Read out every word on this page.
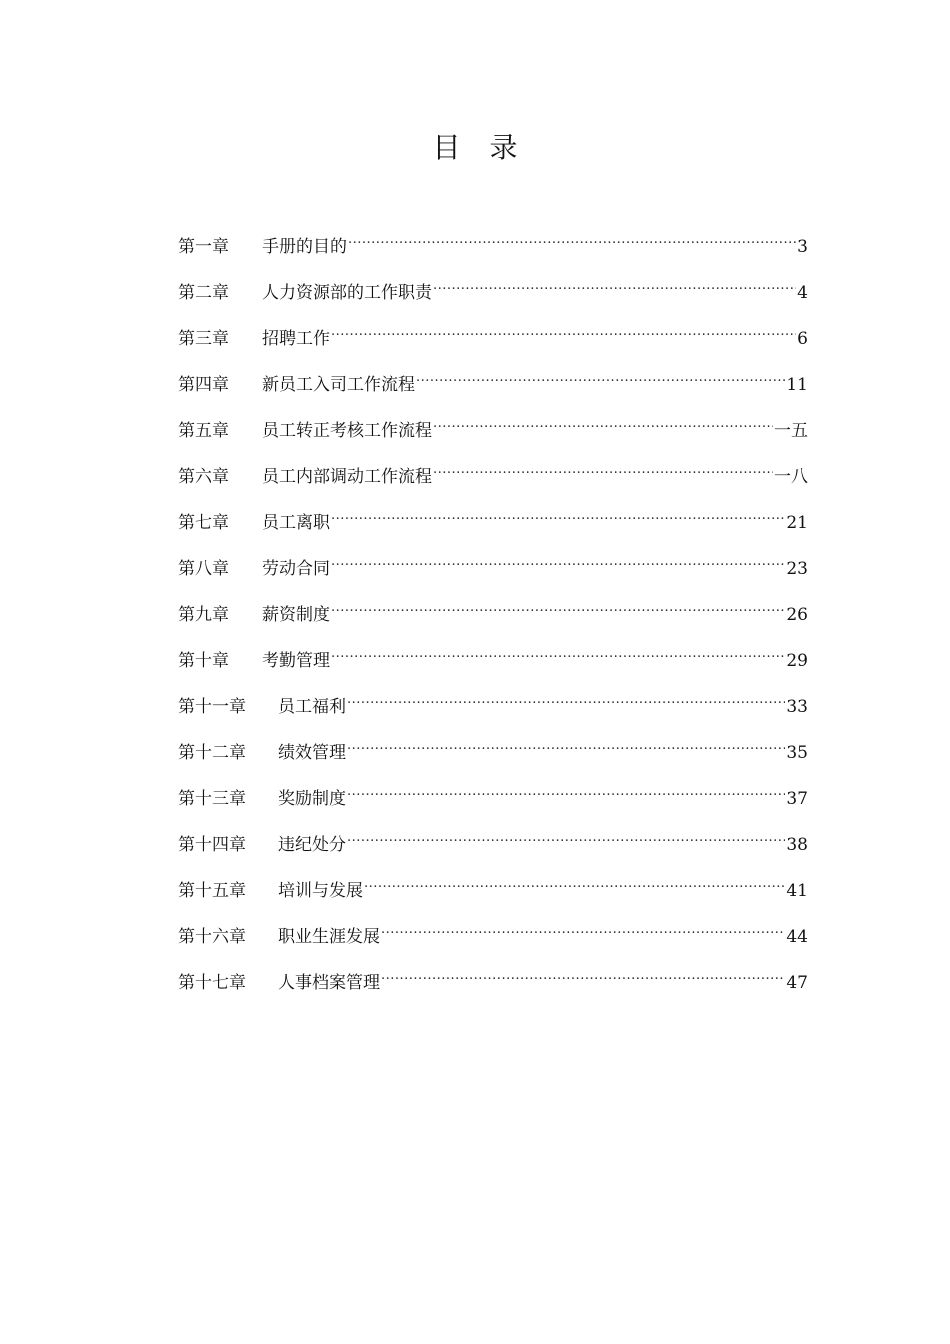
目 录
第一章	手册的目的 .....	3
第二章	人力资源部的工作职责 .....	4
第三章	招聘工作 .....	6
第四章	新员工入司工作流程 .....	11
第五章	员工转正考核工作流程 .....	一五
第六章	员工内部调动工作流程 .....	一八
第七章	员工离职 .....	21
第八章	劳动合同 .....	23
第九章	薪资制度 .....	26
第十章	考勤管理 .....	29
第十一章	员工福利 .....	33
第十二章	绩效管理 .....	35
第十三章	奖励制度 .....	37
第十四章	违纪处分 .....	38
第十五章	培训与发展 .....	41
第十六章	职业生涯发展 .....	44
第十七章	人事档案管理 .....	47
